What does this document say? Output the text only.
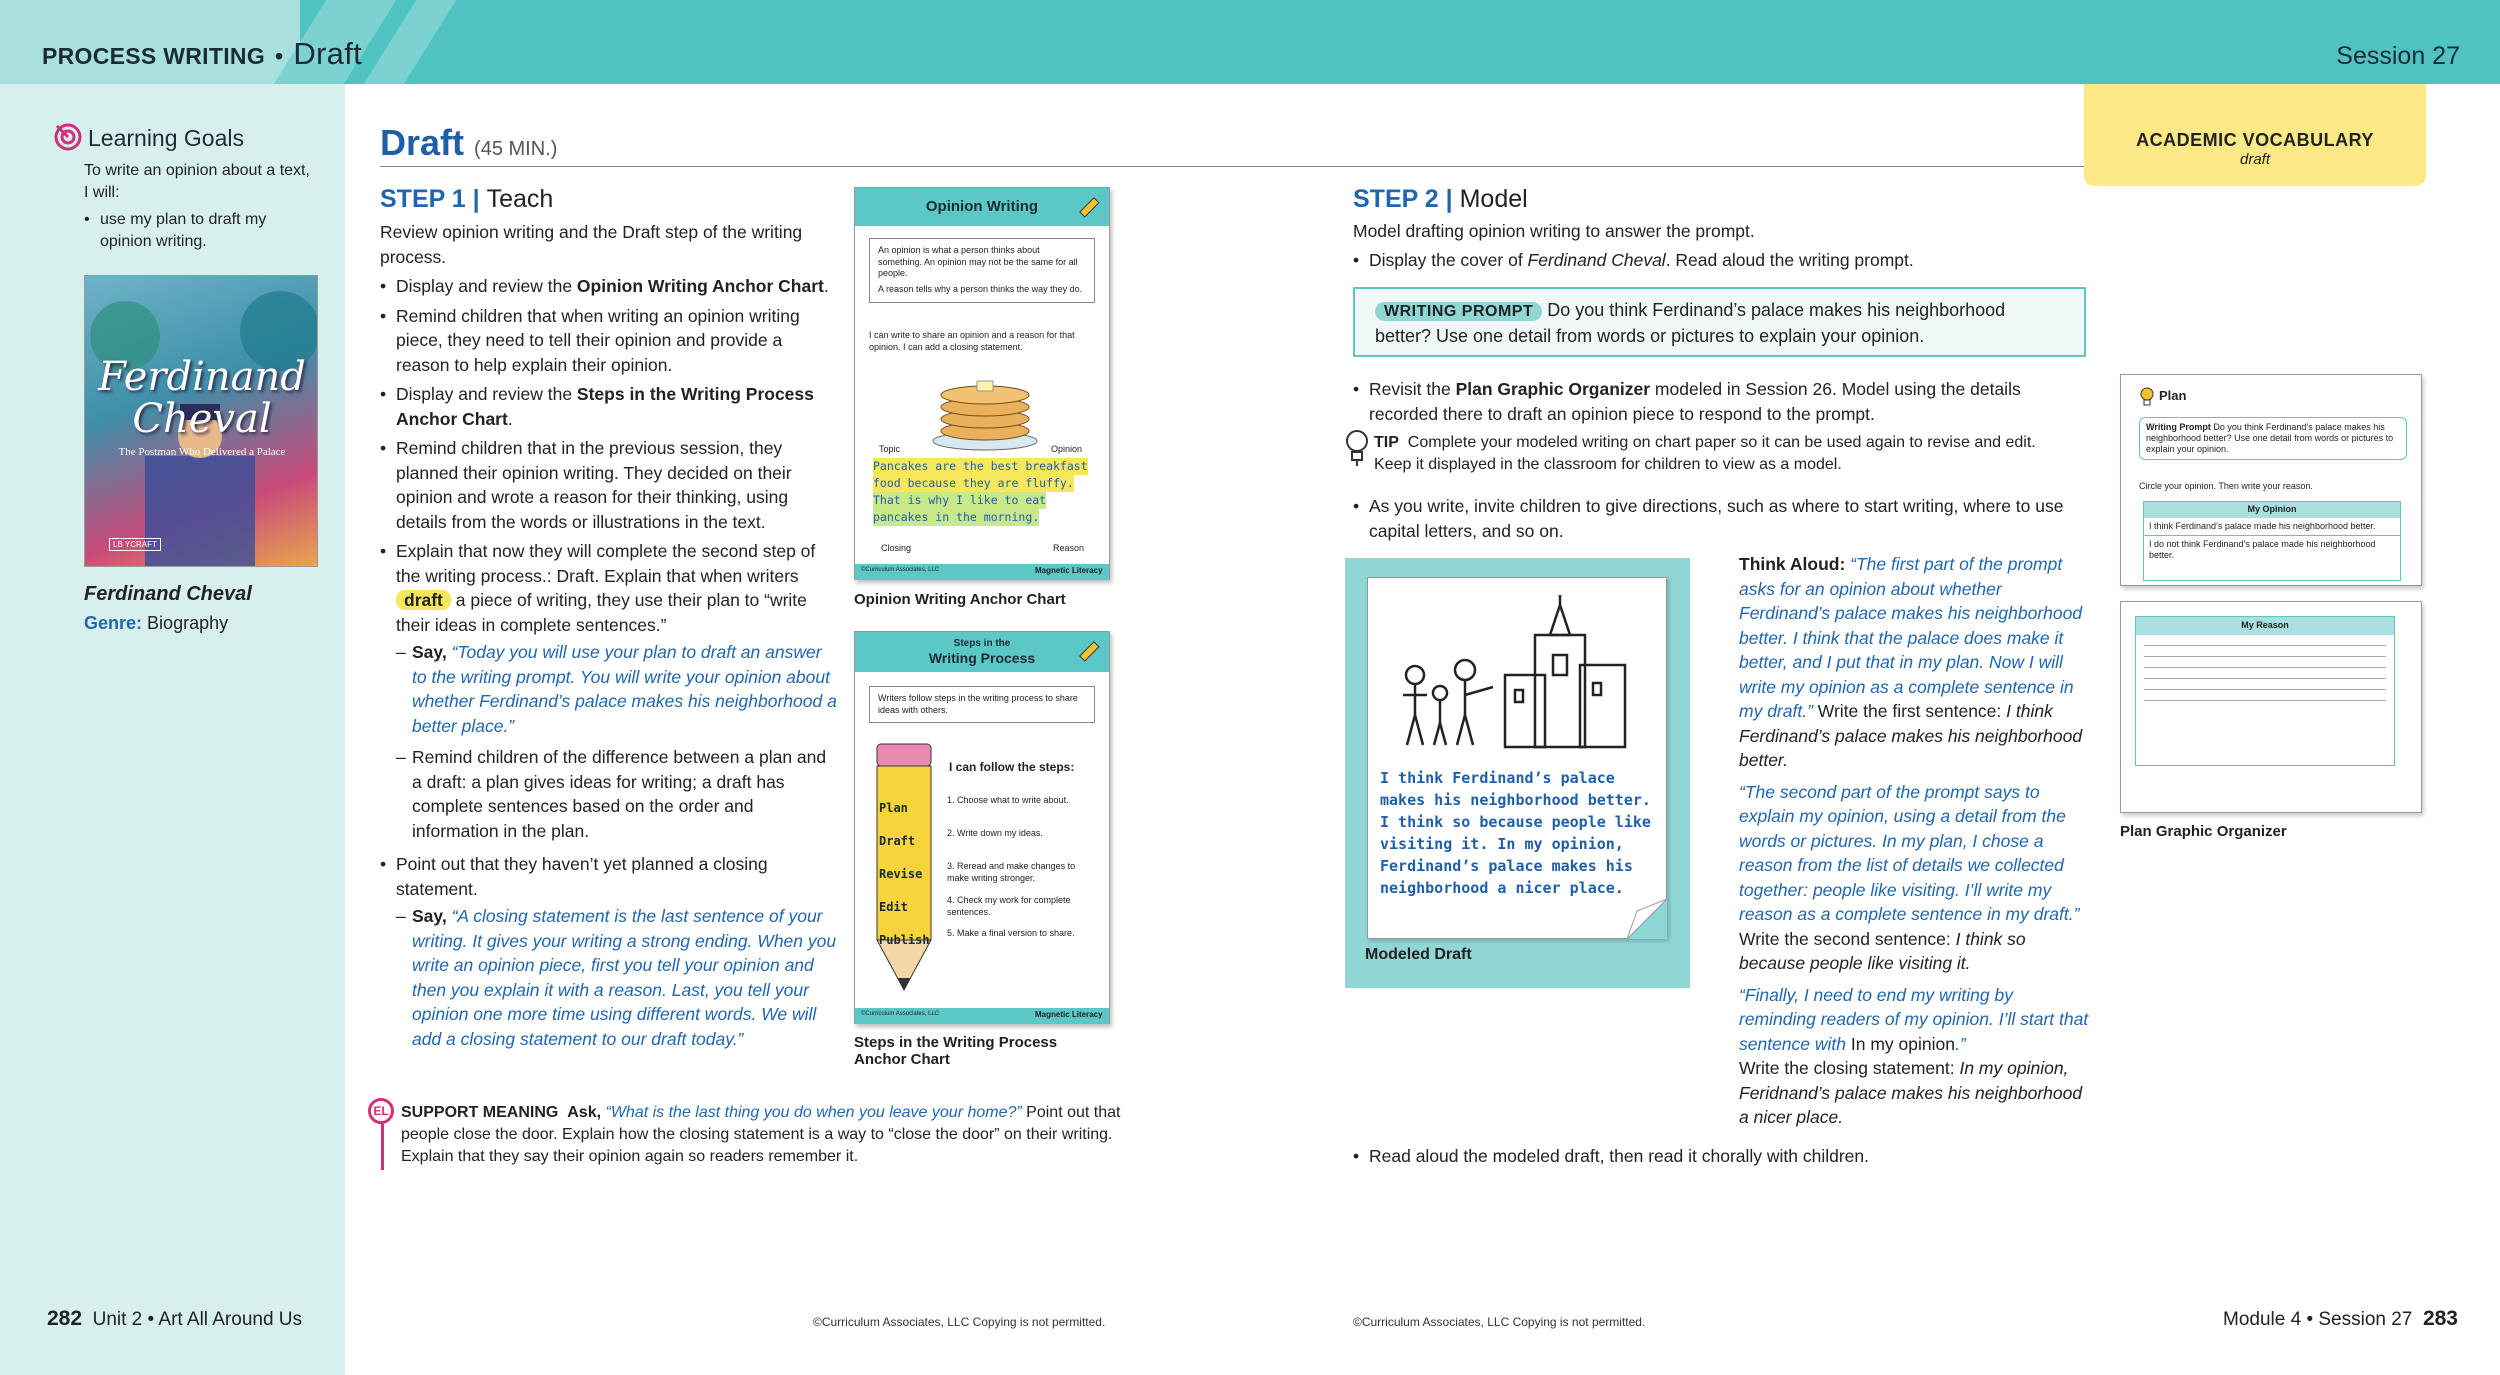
PROCESS WRITING • Draft	Session 27
Learning Goals
To write an opinion about a text, I will:
• use my plan to draft my opinion writing.
Ferdinand Cheval
The Postman Who Delivered a Palace
LB YCRAFT
Ferdinand Cheval
Genre: Biography
Draft (45 MIN.)	ACADEMIC VOCABULARY
draft
STEP 1 | Teach

Review opinion writing and the Draft step of the writing process.

• Display and review the Opinion Writing Anchor Chart.
• Remind children that when writing an opinion writing piece, they need to tell their opinion and provide a reason to help explain their opinion.
• Display and review the Steps in the Writing Process Anchor Chart.
• Remind children that in the previous session, they planned their opinion writing. They decided on their opinion and wrote a reason for their thinking, using details from the words or illustrations in the text.
• Explain that now they will complete the second step of the writing process.: Draft. Explain that when writers draft a piece of writing, they use their plan to “write their ideas in complete sentences.”
– Say, “Today you will use your plan to draft an answer to the writing prompt. You will write your opinion about whether Ferdinand’s palace makes his neighborhood a better place.”
– Remind children of the difference between a plan and a draft: a plan gives ideas for writing; a draft has complete sentences based on the order and information in the plan.
• Point out that they haven’t yet planned a closing statement.
– Say, “A closing statement is the last sentence of your writing. It gives your writing a strong ending. When you write an opinion piece, first you tell your opinion and then you explain it with a reason. Last, you tell your opinion one more time using different words. We will add a closing statement to our draft today.”
EL SUPPORT MEANING Ask, “What is the last thing you do when you leave your home?” Point out that people close the door. Explain how the closing statement is a way to “close the door” on their writing. Explain that they say their opinion again so readers remember it.
Opinion Writing
An opinion is what a person thinks about something. An opinion may not be the same for all people.
A reason tells why a person thinks the way they do.
I can write to share an opinion and a reason for that opinion. I can add a closing statement.
Topic	Opinion
Pancakes are the best breakfast food because they are fluffy. That is why I like to eat pancakes in the morning.
Closing	Reason
©Curriculum Associates, LLC	Magnetic Literacy
Opinion Writing Anchor Chart
Steps in the
Writing Process
Writers follow steps in the writing process to share ideas with others.
Plan
Draft
Revise
Edit
Publish
I can follow the steps:
1. Choose what to write about.
2. Write down my ideas.
3. Reread and make changes to make writing stronger.
4. Check my work for complete sentences.
5. Make a final version to share.
©Curriculum Associates, LLC	Magnetic Literacy
Steps in the Writing Process Anchor Chart
STEP 2 | Model

Model drafting opinion writing to answer the prompt.

• Display the cover of Ferdinand Cheval. Read aloud the writing prompt.
WRITING PROMPT Do you think Ferdinand’s palace makes his neighborhood better? Use one detail from words or pictures to explain your opinion.
• Revisit the Plan Graphic Organizer modeled in Session 26. Model using the details recorded there to draft an opinion piece to respond to the prompt.
TIP Complete your modeled writing on chart paper so it can be used again to revise and edit. Keep it displayed in the classroom for children to view as a model.
• As you write, invite children to give directions, such as where to start writing, where to use capital letters, and so on.
I think Ferdinand’s palace makes his neighborhood better. I think so because people like visiting it. In my opinion, Ferdinand’s palace makes his neighborhood a nicer place.
Modeled Draft

Think Aloud: “The first part of the prompt asks for an opinion about whether Ferdinand’s palace makes his neighborhood better. I think that the palace does make it better, and I put that in my plan. Now I will write my opinion as a complete sentence in my draft.” Write the first sentence: I think Ferdinand’s palace makes his neighborhood better.

“The second part of the prompt says to explain my opinion, using a detail from the words or pictures. In my plan, I chose a reason from the list of details we collected together: people like visiting. I’ll write my reason as a complete sentence in my draft.” Write the second sentence: I think so because people like visiting it.

“Finally, I need to end my writing by reminding readers of my opinion. I’ll start that sentence with In my opinion.”
Write the closing statement: In my opinion, Feridnand’s palace makes his neighborhood a nicer place.

• Read aloud the modeled draft, then read it chorally with children.
Plan
Writing Prompt Do you think Ferdinand’s palace makes his neighborhood better? Use one detail from words or pictures to explain your opinion.
Circle your opinion. Then write your reason.
My Opinion
I think Ferdinand’s palace made his neighborhood better.
I do not think Ferdinand’s palace made his neighborhood better.
My Reason
Plan Graphic Organizer
282 Unit 2 • Art All Around Us	©Curriculum Associates, LLC Copying is not permitted.	©Curriculum Associates, LLC Copying is not permitted.	Module 4 • Session 27 283
